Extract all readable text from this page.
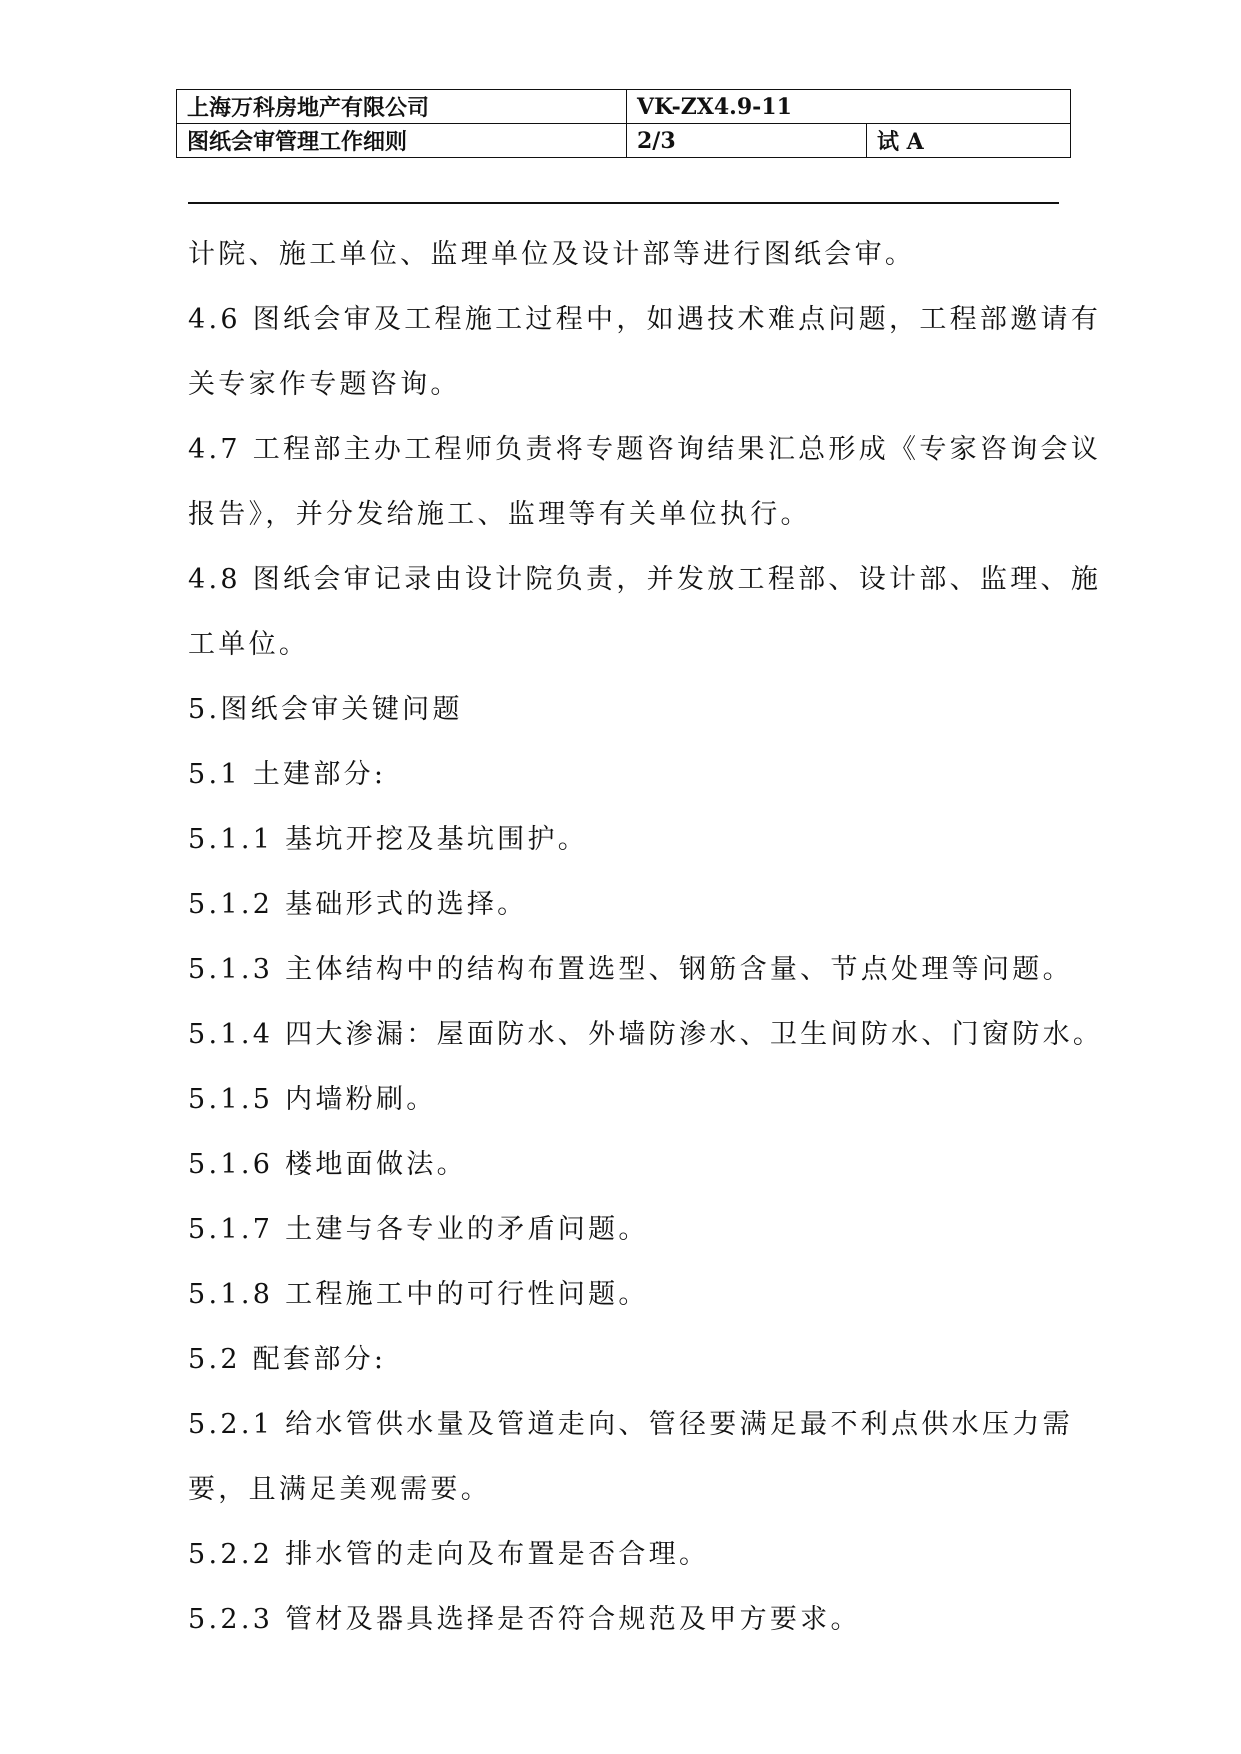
上海万科房地产有限公司	VK-ZX4.9-11	
图纸会审管理工作细则	2/3	试 A

计院、施工单位、监理单位及设计部等进行图纸会审。

4.6 图纸会审及工程施工过程中，如遇技术难点问题，工程部邀请有

关专家作专题咨询。

4.7 工程部主办工程师负责将专题咨询结果汇总形成《专家咨询会议

报告》，并分发给施工、监理等有关单位执行。

4.8 图纸会审记录由设计院负责，并发放工程部、设计部、监理、施

工单位。

5.图纸会审关键问题

5.1 土建部分:

5.1.1 基坑开挖及基坑围护。

5.1.2 基础形式的选择。

5.1.3 主体结构中的结构布置选型、钢筋含量、节点处理等问题。

5.1.4 四大渗漏：屋面防水、外墙防渗水、卫生间防水、门窗防水。

5.1.5 内墙粉刷。

5.1.6 楼地面做法。

5.1.7 土建与各专业的矛盾问题。

5.1.8 工程施工中的可行性问题。

5.2 配套部分:

5.2.1 给水管供水量及管道走向、管径要满足最不利点供水压力需

要，且满足美观需要。

5.2.2 排水管的走向及布置是否合理。

5.2.3 管材及器具选择是否符合规范及甲方要求。
